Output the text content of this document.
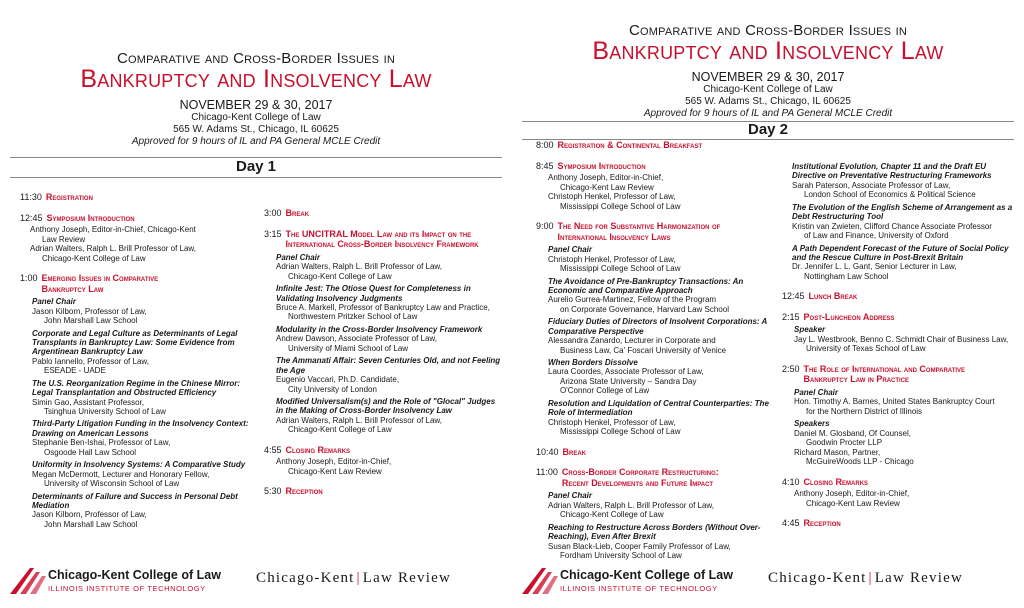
Comparative and Cross-Border Issues in
Bankruptcy and Insolvency Law
NOVEMBER 29 & 30, 2017
Chicago-Kent College of Law
565 W. Adams St., Chicago, IL 60625
Approved for 9 hours of IL and PA General MCLE Credit
Day 1
11:30 Registration
12:45 Symposium Introduction
Anthony Joseph, Editor-in-Chief, Chicago-Kent
Law Review
Adrian Walters, Ralph L. Brill Professor of Law,
Chicago-Kent College of Law
1:00 Emerging Issues in Comparative Bankruptcy Law
Panel Chair
Jason Kilborn, Professor of Law,
John Marshall Law School
Corporate and Legal Culture as Determinants of Legal Transplants in Bankruptcy Law: Some Evidence from Argentinean Bankruptcy Law
Pablo Iannello, Professor of Law,
ESEADE - UADE
The U.S. Reorganization Regime in the Chinese Mirror: Legal Transplantation and Obstructed Efficiency
Simin Gao, Assistant Professor,
Tsinghua University School of Law
Third-Party Litigation Funding in the Insolvency Context: Drawing on American Lessons
Stephanie Ben-Ishai, Professor of Law,
Osgoode Hall Law School
Uniformity in Insolvency Systems: A Comparative Study
Megan McDermott, Lecturer and Honorary Fellow,
University of Wisconsin School of Law
Determinants of Failure and Success in Personal Debt Mediation
Jason Kilborn, Professor of Law,
John Marshall Law School
3:00 Break
3:15 The UNCITRAL Model Law and its Impact on the International Cross-Border Insolvency Framework
Panel Chair
Adrian Walters, Ralph L. Brill Professor of Law,
Chicago-Kent College of Law
Infinite Jest: The Otiose Quest for Completeness in Validating Insolvency Judgments
Bruce A. Markell, Professor of Bankruptcy Law and Practice,
Northwestern Pritzker School of Law
Modularity in the Cross-Border Insolvency Framework
Andrew Dawson, Associate Professor of Law,
University of Miami School of Law
The Ammanati Affair: Seven Centuries Old, and not Feeling the Age
Eugenio Vaccari, Ph.D. Candidate,
City University of London
Modified Universalism(s) and the Role of "Glocal" Judges in the Making of Cross-Border Insolvency Law
Adrian Walters, Ralph L. Brill Professor of Law,
Chicago-Kent College of Law
4:55 Closing Remarks
Anthony Joseph, Editor-in-Chief,
Chicago-Kent Law Review
5:30 Reception
Chicago-Kent College of Law
ILLINOIS INSTITUTE OF TECHNOLOGY
Chicago-Kent | Law Review
Comparative and Cross-Border Issues in
Bankruptcy and Insolvency Law
NOVEMBER 29 & 30, 2017
Chicago-Kent College of Law
565 W. Adams St., Chicago, IL 60625
Approved for 9 hours of IL and PA General MCLE Credit
Day 2
8:00 Registration & Continental Breakfast
8:45 Symposium Introduction
Anthony Joseph, Editor-in-Chief,
Chicago-Kent Law Review
Christoph Henkel, Professor of Law,
Mississippi College School of Law
9:00 The Need for Substantive Harmonization of International Insolvency Laws
Panel Chair
Christoph Henkel, Professor of Law,
Mississippi College School of Law
The Avoidance of Pre-Bankruptcy Transactions: An Economic and Comparative Approach
Aurelio Gurrea-Martinez, Fellow of the Program
on Corporate Governance, Harvard Law School
Fiduciary Duties of Directors of Insolvent Corporations: A Comparative Perspective
Alessandra Zanardo, Lecturer in Corporate and
Business Law, Ca' Foscari University of Venice
When Borders Dissolve
Laura Coordes, Associate Professor of Law,
Arizona State University – Sandra Day
O'Connor College of Law
Resolution and Liquidation of Central Counterparties: The Role of Intermediation
Christoph Henkel, Professor of Law,
Mississippi College School of Law
10:40 Break
11:00 Cross-Border Corporate Restructuring: Recent Developments and Future Impact
Panel Chair
Adrian Walters, Ralph L. Brill Professor of Law,
Chicago-Kent College of Law
Reaching to Restructure Across Borders (Without Over-Reaching), Even After Brexit
Susan Black-Lieb, Cooper Family Professor of Law,
Fordham University School of Law
Institutional Evolution, Chapter 11 and the Draft EU Directive on Preventative Restructuring Frameworks
Sarah Paterson, Associate Professor of Law,
London School of Economics & Political Science
The Evolution of the English Scheme of Arrangement as a Debt Restructuring Tool
Kristin van Zwieten, Clifford Chance Associate Professor
of Law and Finance, University of Oxford
A Path Dependent Forecast of the Future of Social Policy and the Rescue Culture in Post-Brexit Britain
Dr. Jennifer L. L. Gant, Senior Lecturer in Law,
Nottingham Law School
12:45 Lunch Break
2:15 Post-Luncheon Address
Speaker
Jay L. Westbrook, Benno C. Schmidt Chair of Business Law,
University of Texas School of Law
2:50 The Role of International and Comparative Bankruptcy Law in Practice
Panel Chair
Hon. Timothy A. Barnes, United States Bankruptcy Court
for the Northern District of Illinois
Speakers
Daniel M. Glosband, Of Counsel,
Goodwin Procter LLP
Richard Mason, Partner,
McGuireWoods LLP - Chicago
4:10 Closing Remarks
Anthony Joseph, Editor-in-Chief,
Chicago-Kent Law Review
4:45 Reception
Chicago-Kent College of Law
ILLINOIS INSTITUTE OF TECHNOLOGY
Chicago-Kent | Law Review
